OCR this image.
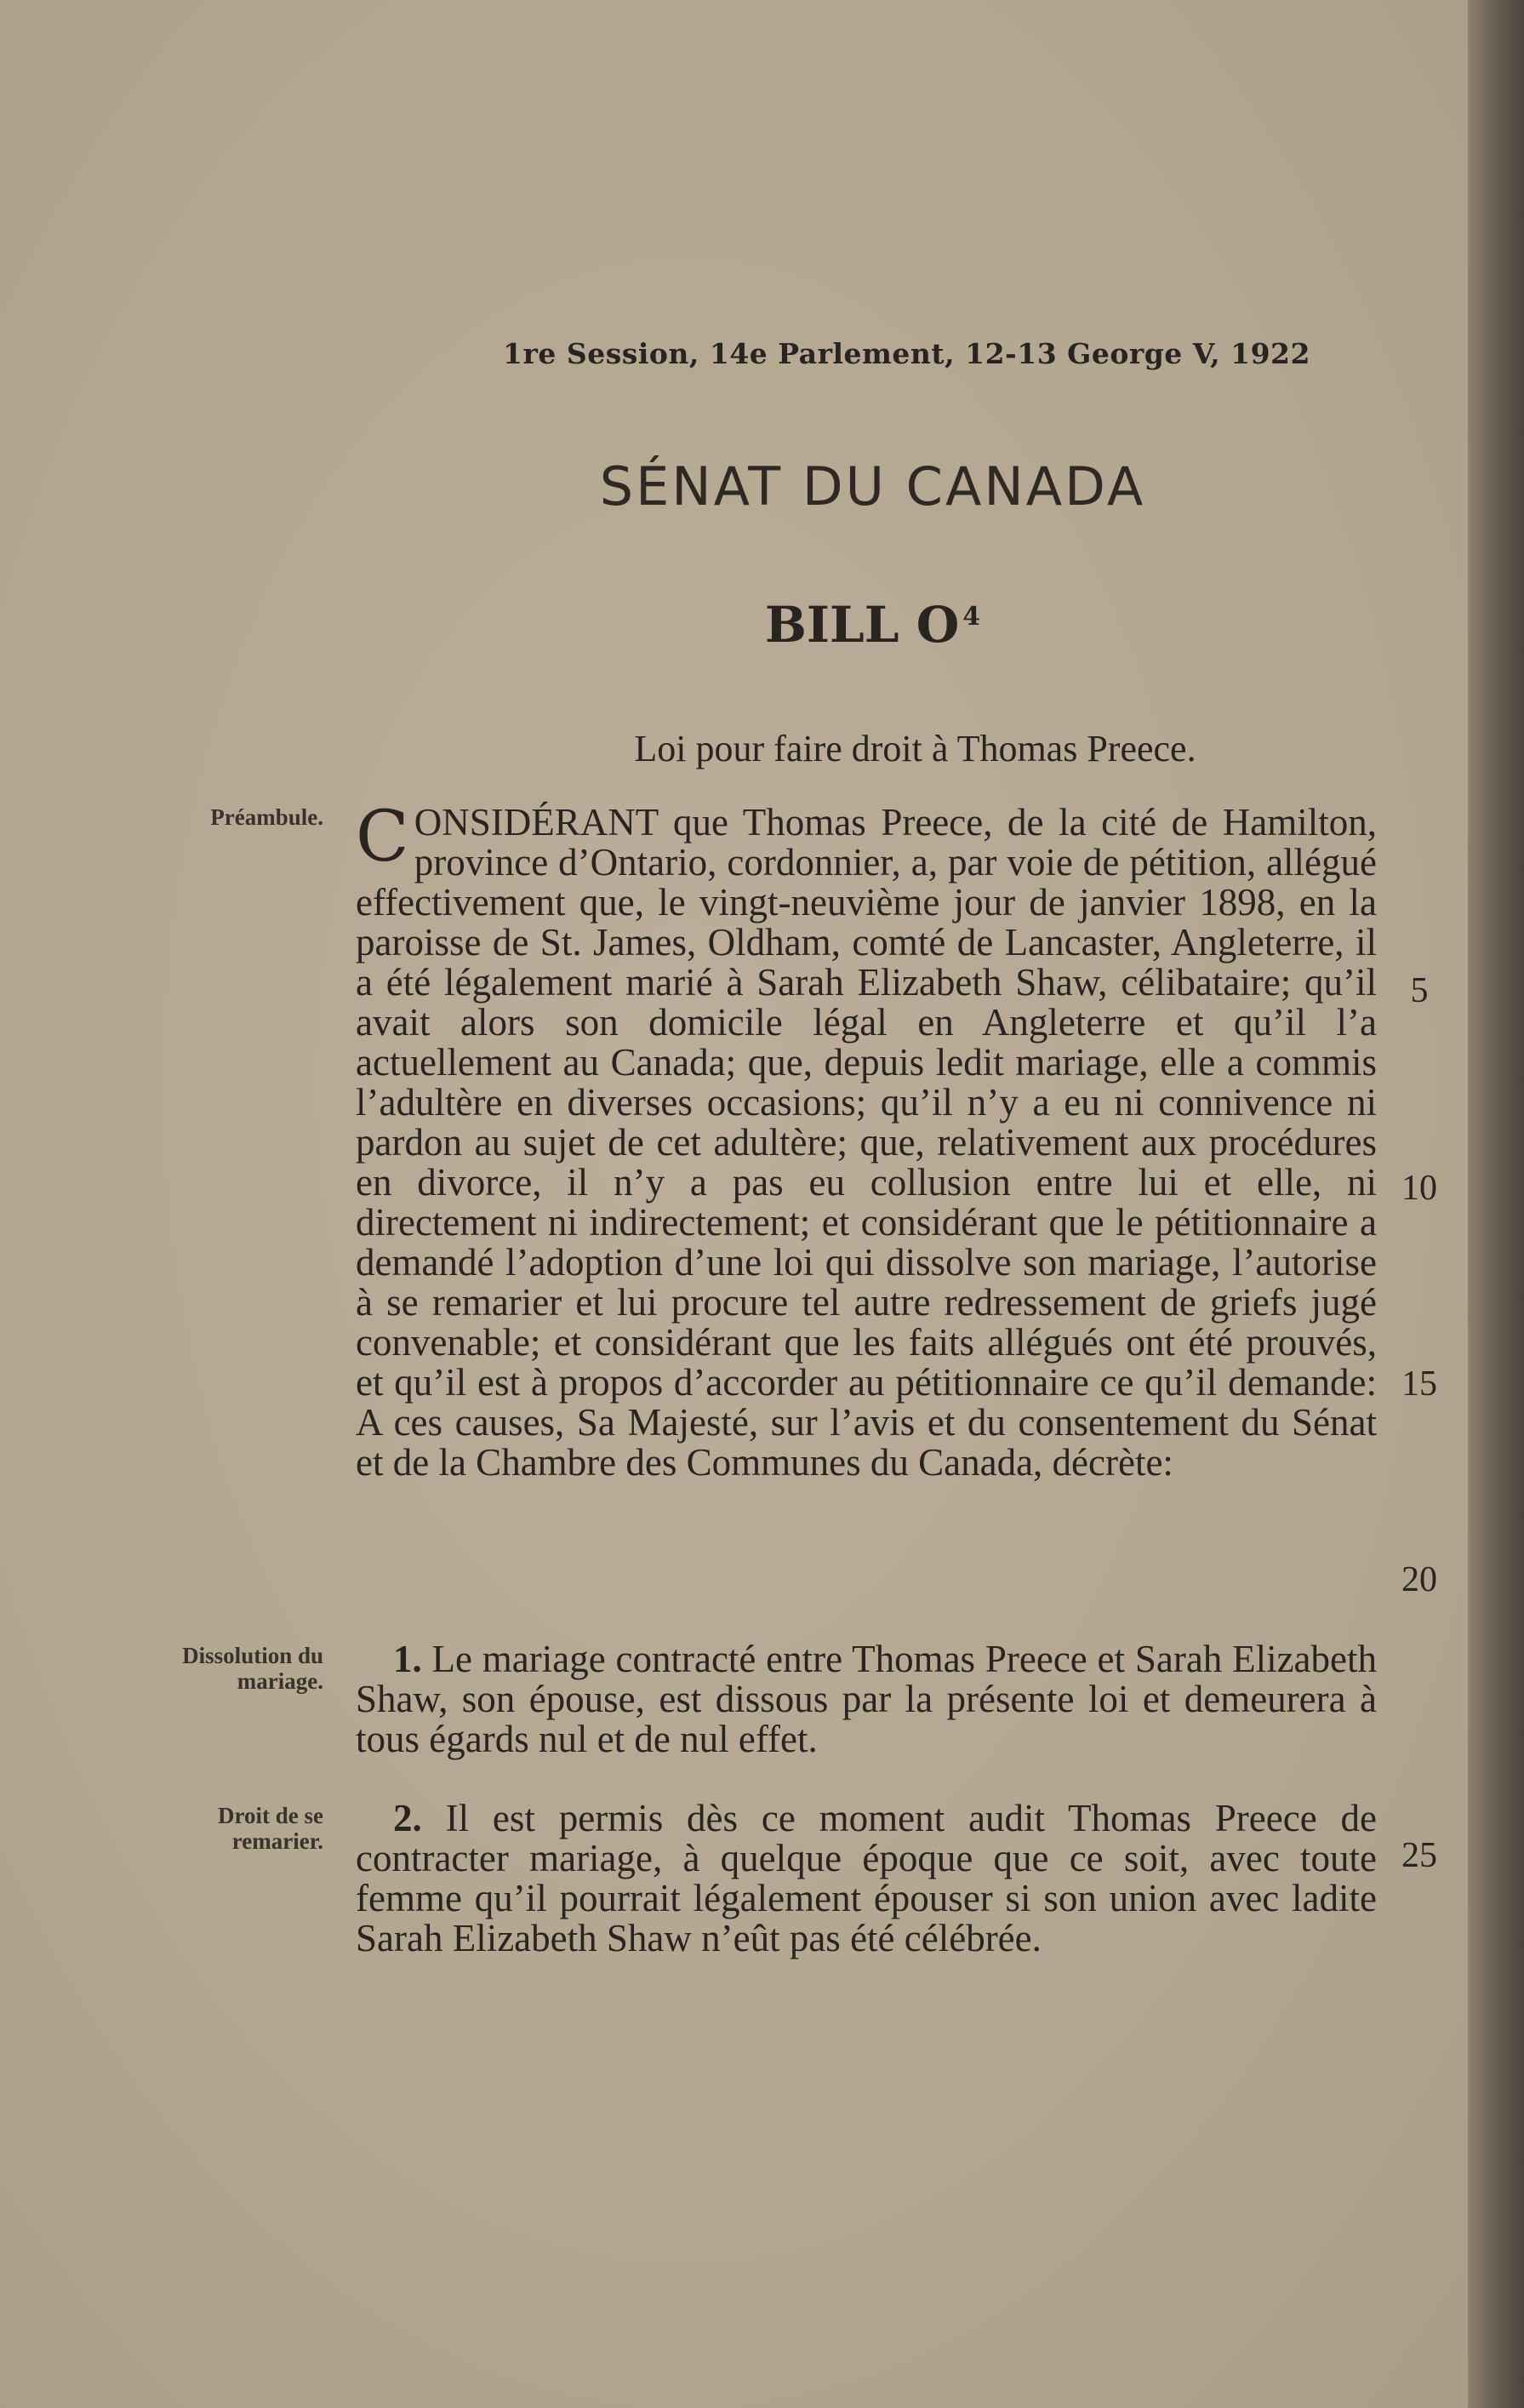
1re Session, 14e Parlement, 12-13 George V, 1922
SÉNAT DU CANADA
BILL O $^4$
Loi pour faire droit à Thomas Preece.
Préambule. CONSIDÉRANT que Thomas Preece, de la cité de Hamilton, province d’Ontario, cordonnier, a, par voie de pétition, allégué effectivement que, le vingt-neuvième jour de janvier 1898, en la paroisse de St. James, Oldham, comté de Lancaster, Angleterre, il a été légalement marié à Sarah Elizabeth Shaw, célibataire; qu’il avait alors son domicile légal en Angleterre et qu’il l’a actuellement au Canada; que, depuis ledit mariage, elle a commis l’adultère en diverses occasions; qu’il n’y a eu ni connivence ni pardon au sujet de cet adultère; que, relativement aux procédures en divorce, il n’y a pas eu collusion entre lui et elle, ni directement ni indirectement; et considérant que le pétitionnaire a demandé l’adoption d’une loi qui dissolve son mariage, l’autorise à se remarier et lui procure tel autre redressement de griefs jugé convenable; et considérant que les faits allégués ont été prouvés, et qu’il est à propos d’accorder au pétitionnaire ce qu’il demande: A ces causes, Sa Majesté, sur l’avis et du consentement du Sénat et de la Chambre des Communes du Canada, décrète:
Dissolution du mariage.
1. Le mariage contracté entre Thomas Preece et Sarah Elizabeth Shaw, son épouse, est dissous par la présente loi et demeurera à tous égards nul et de nul effet.
Droit de se remarier.
2. Il est permis dès ce moment audit Thomas Preece de contracter mariage, à quelque époque que ce soit, avec toute femme qu’il pourrait légalement épouser si son union avec ladite Sarah Elizabeth Shaw n’eût pas été célébrée.
5
10
15
20
25
